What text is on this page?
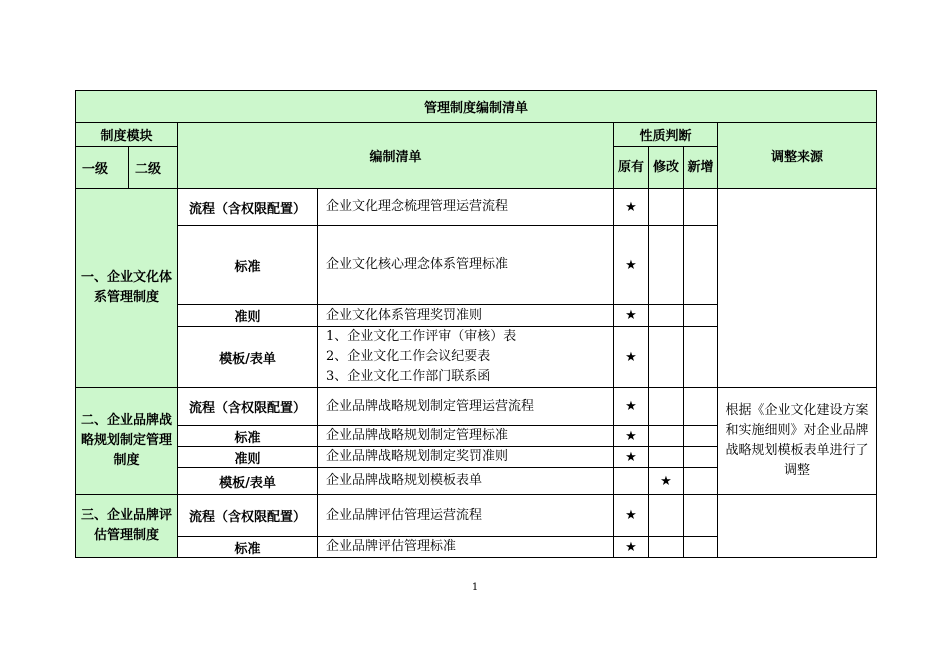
管理制度编制清单							
制度模块		编制清单		性质判断			调整来源
一级	二级			原有	修改	新增	
一、企业文化体系管理制度		流程（含权限配置）	企业文化理念梳理管理运营流程	★			
		标准	企业文化核心理念体系管理标准	★			
		准则	企业文化体系管理奖罚准则	★			
		模板/表单	1、企业文化工作评审（审核）表
2、企业文化工作会议纪要表
3、企业文化工作部门联系函	★			
二、企业品牌战略规划制定管理制度		流程（含权限配置）	企业品牌战略规划制定管理运营流程	★			根据《企业文化建设方案和实施细则》对企业品牌战略规划模板表单进行了调整
		标准	企业品牌战略规划制定管理标准	★			
		准则	企业品牌战略规划制定奖罚准则	★			
		模板/表单	企业品牌战略规划模板表单		★		
三、企业品牌评估管理制度		流程（含权限配置）	企业品牌评估管理运营流程	★			
		标准	企业品牌评估管理标准	★			
1
